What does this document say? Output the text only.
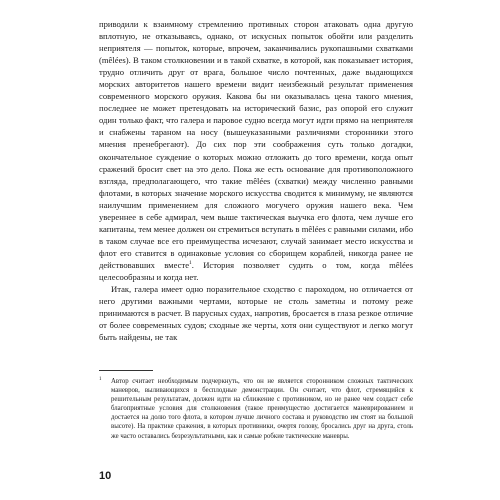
приводили к взаимному стремлению противных сторон атаковать одна другую вплотную, не отказываясь, однако, от искусных попыток обойти или разделить неприятеля — попыток, которые, впрочем, заканчивались рукопашными схватками (mêlées). В таком столкновении и в такой схватке, в которой, как показывает история, трудно отличить друг от врага, большое число почтенных, даже выдающихся морских авторитетов нашего времени видит неизбежный результат применения современного морского оружия. Какова бы ни оказывалась цена такого мнения, последнее не может претендовать на исторический базис, раз опорой его служит один только факт, что галера и паровое судно всегда могут идти прямо на неприятеля и снабжены тараном на носу (вышеуказанными различиями сторонники этого мнения пренебрегают). До сих пор эти соображения суть только догадки, окончательное суждение о которых можно отложить до того времени, когда опыт сражений бросит свет на это дело. Пока же есть основание для противоположного взгляда, предполагающего, что такие mêlées (схватки) между численно равными флотами, в которых значение морского искусства сводится к минимуму, не являются наилучшим применением для сложного могучего оружия нашего века. Чем увереннее в себе адмирал, чем выше тактическая выучка его флота, чем лучше его капитаны, тем менее должен он стремиться вступать в mêlées с равными силами, ибо в таком случае все его преимущества исчезают, случай занимает место искусства и флот его ставится в одинаковые условия со сборищем кораблей, никогда ранее не действовавших вместе$^1$. История позволяет судить о том, когда mêlées целесообразны и когда нет.

Итак, галера имеет одно поразительное сходство с пароходом, но отличается от него другими важными чертами, которые не столь заметны и потому реже принимаются в расчет. В парусных судах, напротив, бросается в глаза резкое отличие от более современных судов; сходные же черты, хотя они существуют и легко могут быть найдены, не так

1 Автор считает необходимым подчеркнуть, что он не является сторонником сложных тактических маневров, выливающихся в бесплодные демонстрации. Он считает, что флот, стремящийся к решительным результатам, должен идти на сближение с противником, но не ранее чем создаст себе благоприятные условия для столкновения (такое преимущество достигается маневрированием и достается на долю того флота, в котором лучше личного состава и руководство им стоят на большой высоте). На практике сражения, в которых противники, очертя голову, бросались друг на друга, столь же часто оставались безрезультатными, как и самые робкие тактические маневры.

10
